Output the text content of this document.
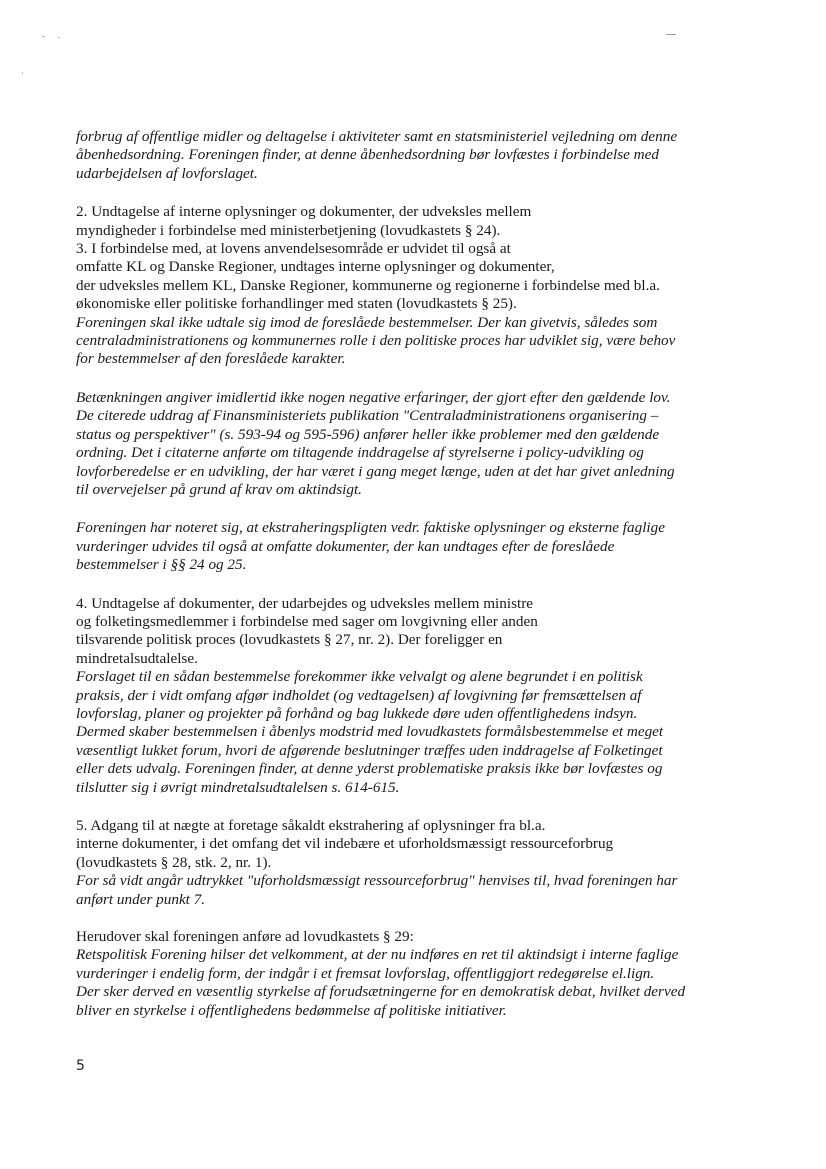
forbrug af offentlige midler og deltagelse i aktiviteter samt en statsministeriel vejledning om denne
åbenhedsordning. Foreningen finder, at denne åbenhedsordning bør lovfæstes i forbindelse med
udarbejdelsen af lovforslaget.
2. Undtagelse af interne oplysninger og dokumenter, der udveksles mellem
myndigheder i forbindelse med ministerbetjening (lovudkastets § 24).
3. I forbindelse med, at lovens anvendelsesområde er udvidet til også at
omfatte KL og Danske Regioner, undtages interne oplysninger og dokumenter,
der udveksles mellem KL, Danske Regioner, kommunerne og regionerne i forbindelse med bl.a.
økonomiske eller politiske forhandlinger med staten (lovudkastets § 25).
Foreningen skal ikke udtale sig imod de foreslåede bestemmelser. Der kan givetvis, således som
centraladministrationens og kommunernes rolle i den politiske proces har udviklet sig, være behov
for bestemmelser af den foreslåede karakter.
Betænkningen angiver imidlertid ikke nogen negative erfaringer, der gjort efter den gældende lov.
De citerede uddrag af Finansministeriets publikation "Centraladministrationens organisering –
status og perspektiver" (s. 593-94 og 595-596) anfører heller ikke problemer med den gældende
ordning. Det i citaterne anførte om tiltagende inddragelse af styrelserne i policy-udvikling og
lovforberedelse er en udvikling, der har været i gang meget længe, uden at det har givet anledning
til overvejelser på grund af krav om aktindsigt.
Foreningen har noteret sig, at ekstraheringspligten vedr. faktiske oplysninger og eksterne faglige
vurderinger udvides til også at omfatte dokumenter, der kan undtages efter de foreslåede
bestemmelser i §§ 24 og 25.
4. Undtagelse af dokumenter, der udarbejdes og udveksles mellem ministre
og folketingsmedlemmer i forbindelse med sager om lovgivning eller anden
tilsvarende politisk proces (lovudkastets § 27, nr. 2). Der foreligger en
mindretalsudtalelse.
Forslaget til en sådan bestemmelse forekommer ikke velvalgt og alene begrundet i en politisk
praksis, der i vidt omfang afgør indholdet (og vedtagelsen) af lovgivning før fremsættelsen af
lovforslag, planer og projekter på forhånd og bag lukkede døre uden offentlighedens indsyn.
Dermed skaber bestemmelsen i åbenlys modstrid med lovudkastets formålsbestemmelse et meget
væsentligt lukket forum, hvori de afgørende beslutninger træffes uden inddragelse af Folketinget
eller dets udvalg. Foreningen finder, at denne yderst problematiske praksis ikke bør lovfæstes og
tilslutter sig i øvrigt mindretalsudtalelsen s. 614-615.
5. Adgang til at nægte at foretage såkaldt ekstrahering af oplysninger fra bl.a.
interne dokumenter, i det omfang det vil indebære et uforholdsmæssigt ressourceforbrug
(lovudkastets § 28, stk. 2, nr. 1).
For så vidt angår udtrykket "uforholdsmæssigt ressourceforbrug" henvises til, hvad foreningen har
anført under punkt 7.
Herudover skal foreningen anføre ad lovudkastets § 29:
Retspolitisk Forening hilser det velkomment, at der nu indføres en ret til aktindsigt i interne faglige
vurderinger i endelig form, der indgår i et fremsat lovforslag, offentliggjort redegørelse el.lign.
Der sker derved en væsentlig styrkelse af forudsætningerne for en demokratisk debat, hvilket derved
bliver en styrkelse i offentlighedens bedømmelse af politiske initiativer.
5
